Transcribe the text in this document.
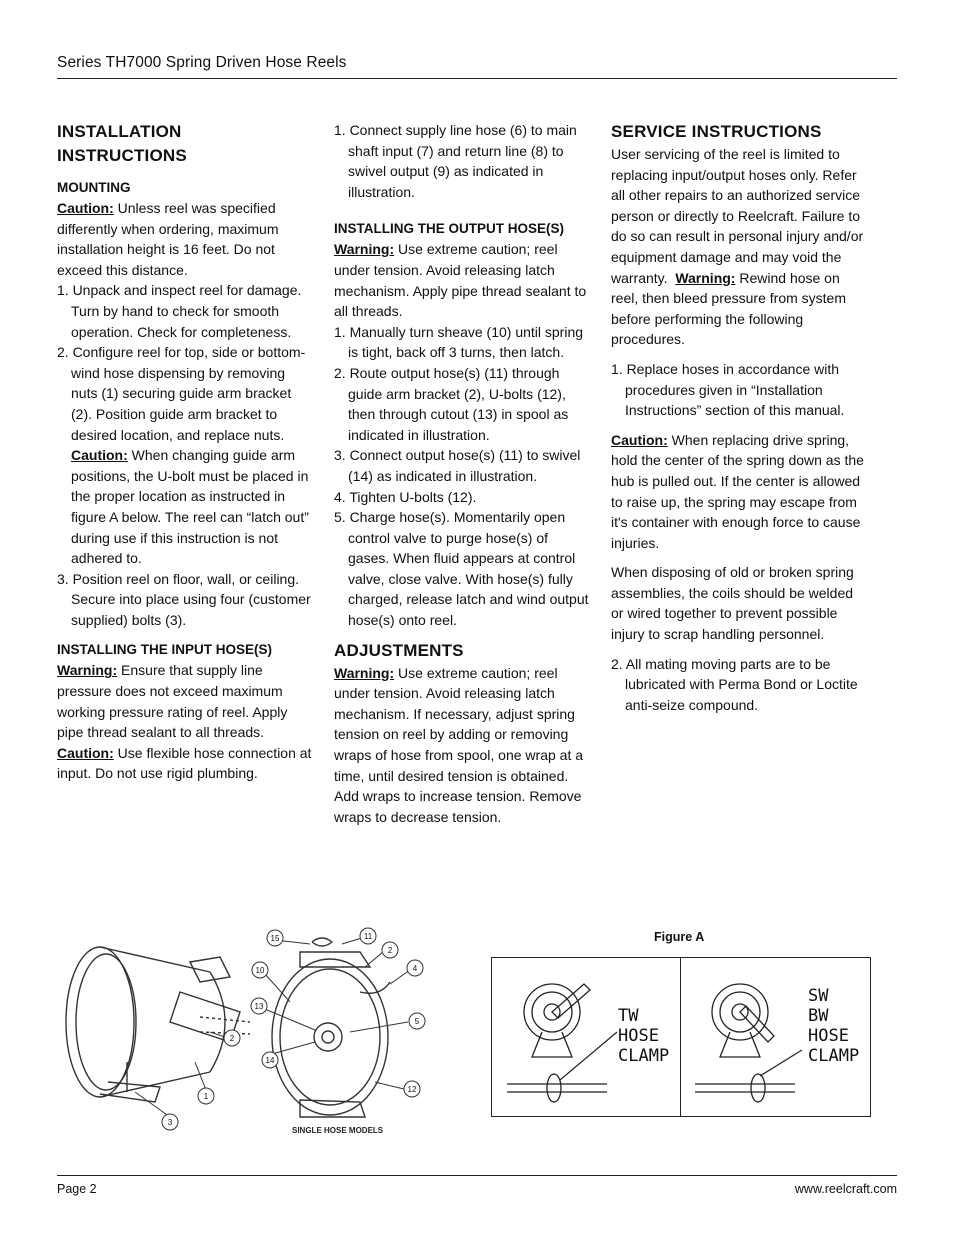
Series TH7000 Spring Driven Hose Reels
INSTALLATION INSTRUCTIONS
MOUNTING

Caution: Unless reel was specified differently when ordering, maximum installation height is 16 feet. Do not exceed this distance.

1. Unpack and inspect reel for damage. Turn by hand to check for smooth operation. Check for completeness.
2. Configure reel for top, side or bottom-wind hose dispensing by removing nuts (1) securing guide arm bracket (2). Position guide arm bracket to desired location, and replace nuts.
Caution: When changing guide arm positions, the U-bolt must be placed in the proper location as instructed in figure A below. The reel can “latch out” during use if this instruction is not adhered to.
3. Position reel on floor, wall, or ceiling. Secure into place using four (customer supplied) bolts (3).
INSTALLING THE INPUT HOSE(S)

Warning: Ensure that supply line pressure does not exceed maximum working pressure rating of reel. Apply pipe thread sealant to all threads.

Caution: Use flexible hose connection at input. Do not use rigid plumbing.

1. Connect supply line hose (6) to main shaft input (7) and return line (8) to swivel output (9) as indicated in illustration.
INSTALLING THE OUTPUT HOSE(S)

Warning: Use extreme caution; reel under tension. Avoid releasing latch mechanism. Apply pipe thread sealant to all threads.

1. Manually turn sheave (10) until spring is tight, back off 3 turns, then latch.
2. Route output hose(s) (11) through guide arm bracket (2), U-bolts (12), then through cutout (13) in spool as indicated in illustration.
3. Connect output hose(s) (11) to swivel (14) as indicated in illustration.
4. Tighten U-bolts (12).
5. Charge hose(s). Momentarily open control valve to purge hose(s) of gases. When fluid appears at control valve, close valve. With hose(s) fully charged, release latch and wind output hose(s) onto reel.
ADJUSTMENTS

Warning: Use extreme caution; reel under tension. Avoid releasing latch mechanism. If necessary, adjust spring tension on reel by adding or removing wraps of hose from spool, one wrap at a time, until desired tension is obtained. Add wraps to increase tension. Remove wraps to decrease tension.

SERVICE INSTRUCTIONS

User servicing of the reel is limited to replacing input/output hoses only. Refer all other repairs to an authorized service person or directly to Reelcraft. Failure to do so can result in personal injury and/or equipment damage and may void the warranty. Warning: Rewind hose on reel, then bleed pressure from system before performing the following procedures.

1. Replace hoses in accordance with procedures given in “Installation Instructions” section of this manual.

Caution: When replacing drive spring, hold the center of the spring down as the hub is pulled out. If the center is allowed to raise up, the spring may escape from it's container with enough force to cause injuries.

When disposing of old or broken spring assemblies, the coils should be welded or wired together to prevent possible injury to scrap handling personnel.

2. All mating moving parts are to be lubricated with Perma Bond or Loctite anti-seize compound.
15	11
2
4
10
13
5
14
12
1
2
3
SINGLE HOSE MODELS
Figure A
TW
HOSE
CLAMP
SW
BW
HOSE
CLAMP
Page 2	www.reelcraft.com
